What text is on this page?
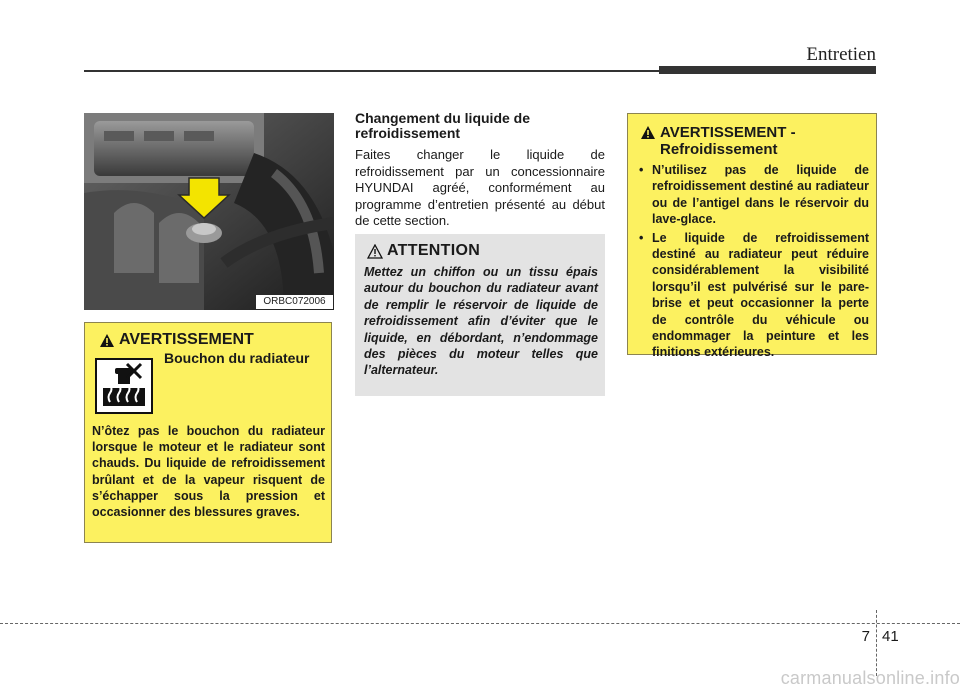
Entretien
ORBC072006
AVERTISSEMENT
Bouchon du radiateur
N’ôtez pas le bouchon du radiateur lorsque le moteur et le radiateur sont chauds. Du liquide de refroidissement brûlant et de la vapeur risquent de s’échapper sous la pression et occasionner des blessures graves.
Changement du liquide de refroidissement
Faites changer le liquide de refroidissement par un concessionnaire HYUNDAI agréé, conformément au programme d’entretien présenté au début de cette section.
ATTENTION
Mettez un chiffon ou un tissu épais autour du bouchon du radiateur avant de remplir le réservoir de liquide de refroidissement afin d’éviter que le liquide, en débordant, n’endommage des pièces du moteur telles que l’alternateur.
AVERTISSEMENT - Refroidissement
• N’utilisez pas de liquide de refroidissement destiné au radiateur ou de l’antigel dans le réservoir du lave-glace.
• Le liquide de refroidissement destiné au radiateur peut réduire considérablement la visibilité lorsqu’il est pulvérisé sur le pare-brise et peut occasionner la perte de contrôle du véhicule ou endommager la peinture et les finitions extérieures.
7 41
carmanualsonline.info
